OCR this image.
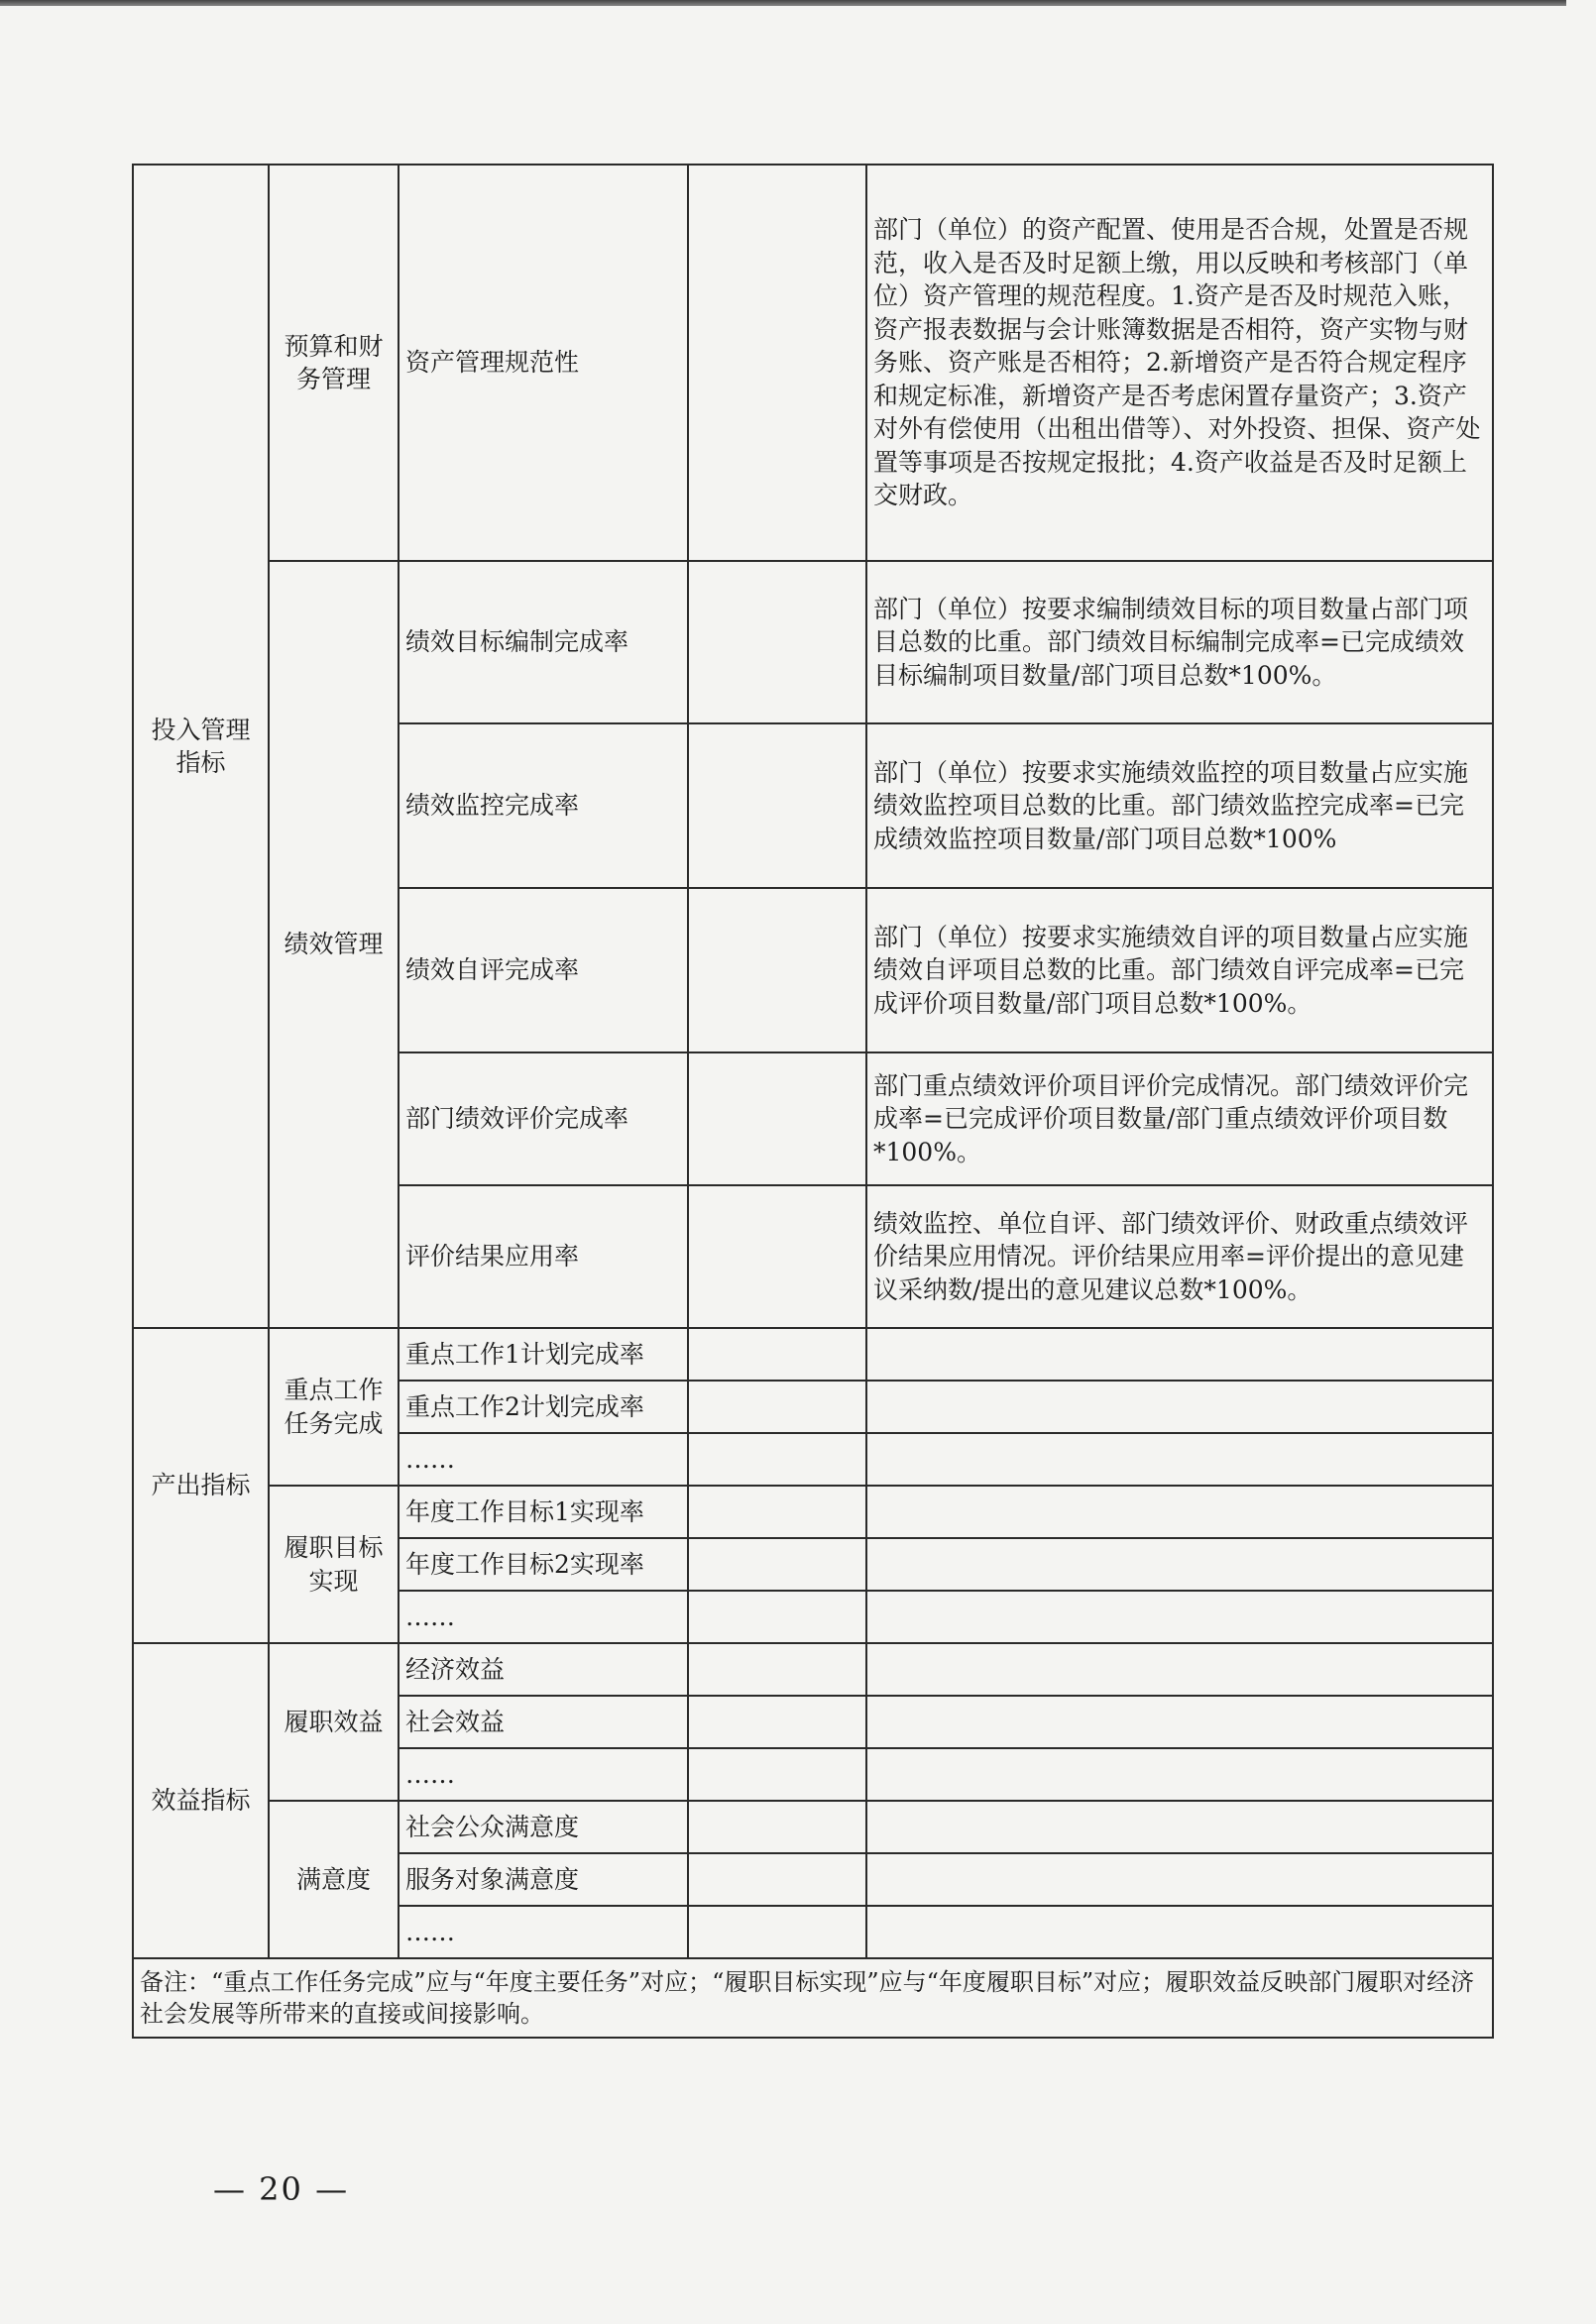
投入管理指标	预算和财务管理	资产管理规范性		部门（单位）的资产配置、使用是否合规，处置是否规范，收入是否及时足额上缴，用以反映和考核部门（单位）资产管理的规范程度。1.资产是否及时规范入账，资产报表数据与会计账簿数据是否相符，资产实物与财务账、资产账是否相符；2.新增资产是否符合规定程序和规定标准，新增资产是否考虑闲置存量资产；3.资产对外有偿使用（出租出借等）、对外投资、担保、资产处置等事项是否按规定报批；4.资产收益是否及时足额上交财政。
	绩效管理	绩效目标编制完成率		部门（单位）按要求编制绩效目标的项目数量占部门项目总数的比重。部门绩效目标编制完成率=已完成绩效目标编制项目数量/部门项目总数*100%。
		绩效监控完成率		部门（单位）按要求实施绩效监控的项目数量占应实施绩效监控项目总数的比重。部门绩效监控完成率=已完成绩效监控项目数量/部门项目总数*100%
		绩效自评完成率		部门（单位）按要求实施绩效自评的项目数量占应实施绩效自评项目总数的比重。部门绩效自评完成率=已完成评价项目数量/部门项目总数*100%。
		部门绩效评价完成率		部门重点绩效评价项目评价完成情况。部门绩效评价完成率=已完成评价项目数量/部门重点绩效评价项目数*100%。
		评价结果应用率		绩效监控、单位自评、部门绩效评价、财政重点绩效评价结果应用情况。评价结果应用率=评价提出的意见建议采纳数/提出的意见建议总数*100%。
产出指标	重点工作任务完成	重点工作1计划完成率		
		重点工作2计划完成率		
		……		
	履职目标实现	年度工作目标1实现率		
		年度工作目标2实现率		
		……		
效益指标	履职效益	经济效益		
		社会效益		
		……		
	满意度	社会公众满意度		
		服务对象满意度		
		……		
备注：“重点工作任务完成”应与“年度主要任务”对应；“履职目标实现”应与“年度履职目标”对应；履职效益反映部门履职对经济社会发展等所带来的直接或间接影响。				
— 20 —
